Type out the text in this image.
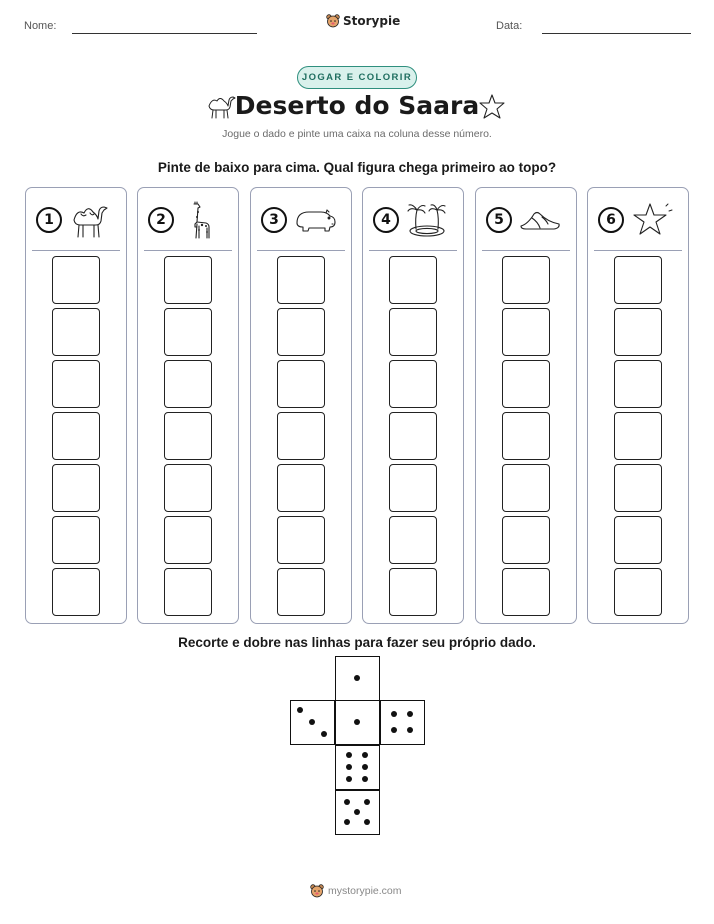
Nome:	Storypie	Data:
JOGAR E COLORIR
Deserto do Saara
Jogue o dado e pinte uma caixa na coluna desse número.
Pinte de baixo para cima. Qual figura chega primeiro ao topo?
1	2	3	4	5	6
Recorte e dobre nas linhas para fazer seu próprio dado.
mystorypie.com
